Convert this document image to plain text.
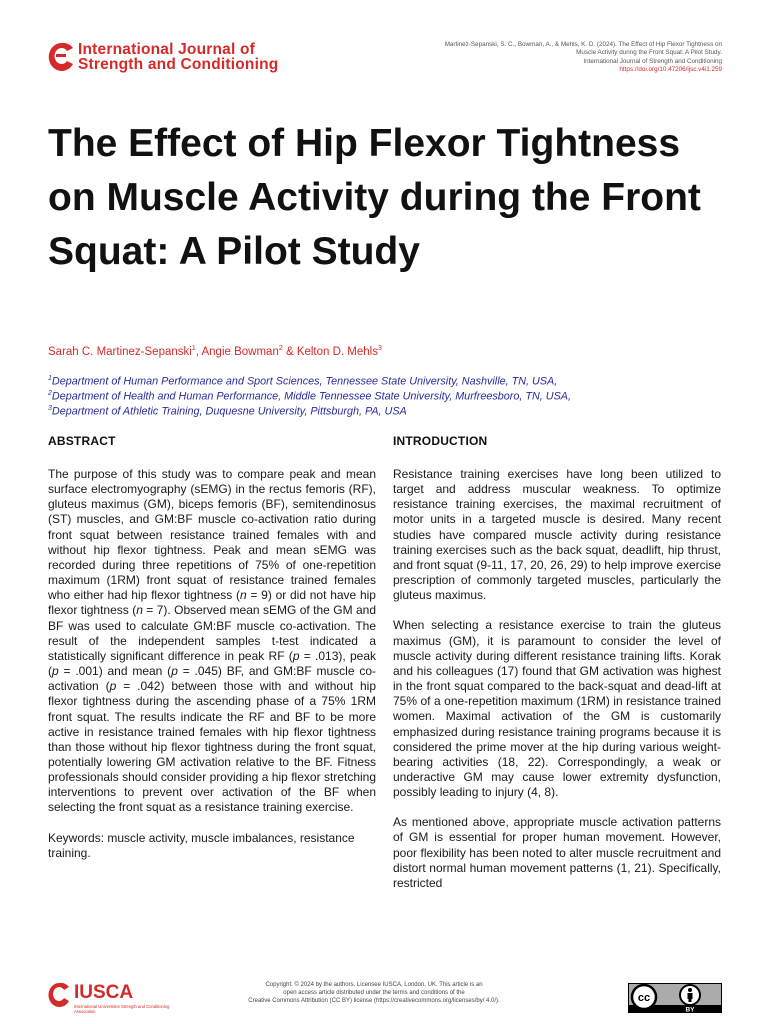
International Journal of
Strength and Conditioning
Martinez-Sepanski, S. C., Bowman, A., & Mehls, K. D. (2024). The Effect of Hip Flexor Tightness on
Muscle Activity during the Front Squat: A Pilot Study.
International Journal of Strength and Conditioning
https://doi.org/10.47206/ijsc.v4i1.259
The Effect of Hip Flexor Tightness on Muscle Activity during the Front Squat: A Pilot Study
Sarah C. Martinez-Sepanski$^1$, Angie Bowman$^2$ & Kelton D. Mehls$^3$
$^1$Department of Human Performance and Sport Sciences, Tennessee State University, Nashville, TN, USA,
$^2$Department of Health and Human Performance, Middle Tennessee State University, Murfreesboro, TN, USA,
$^3$Department of Athletic Training, Duquesne University, Pittsburgh, PA, USA
ABSTRACT

The purpose of this study was to compare peak and mean surface electromyography (sEMG) in the rectus femoris (RF), gluteus maximus (GM), biceps femoris (BF), semitendinosus (ST) muscles, and GM:BF muscle co-activation ratio during front squat between resistance trained females with and without hip flexor tightness. Peak and mean sEMG was recorded during three repetitions of 75% of one-repetition maximum (1RM) front squat of resistance trained females who either had hip flexor tightness (n = 9) or did not have hip flexor tightness (n = 7). Observed mean sEMG of the GM and BF was used to calculate GM:BF muscle co-activation. The result of the independent samples t-test indicated a statistically significant difference in peak RF (p = .013), peak (p = .001) and mean (p = .045) BF, and GM:BF muscle co-activation (p = .042) between those with and without hip flexor tightness during the ascending phase of a 75% 1RM front squat. The results indicate the RF and BF to be more active in resistance trained females with hip flexor tightness than those without hip flexor tightness during the front squat, potentially lowering GM activation relative to the BF. Fitness professionals should consider providing a hip flexor stretching interventions to prevent over activation of the BF when selecting the front squat as a resistance training exercise.

Keywords: muscle activity, muscle imbalances, resistance training.

INTRODUCTION

Resistance training exercises have long been utilized to target and address muscular weakness. To optimize resistance training exercises, the maximal recruitment of motor units in a targeted muscle is desired. Many recent studies have compared muscle activity during resistance training exercises such as the back squat, deadlift, hip thrust, and front squat (9-11, 17, 20, 26, 29) to help improve exercise prescription of commonly targeted muscles, particularly the gluteus maximus.

When selecting a resistance exercise to train the gluteus maximus (GM), it is paramount to consider the level of muscle activity during different resistance training lifts. Korak and his colleagues (17) found that GM activation was highest in the front squat compared to the back-squat and dead-lift at 75% of a one-repetition maximum (1RM) in resistance trained women. Maximal activation of the GM is customarily emphasized during resistance training programs because it is considered the prime mover at the hip during various weight-bearing activities (18, 22). Correspondingly, a weak or underactive GM may cause lower extremity dysfunction, possibly leading to injury (4, 8).

As mentioned above, appropriate muscle activation patterns of GM is essential for proper human movement. However, poor flexibility has been noted to alter muscle recruitment and distort normal human movement patterns (1, 21). Specifically, restricted

IUSCA
International Universities Strength and Conditioning Association
Copyright: © 2024 by the authors. Licensee IUSCA, London, UK. This article is an
open access article distributed under the terms and conditions of the
Creative Commons Attribution (CC BY) license (https://creativecommons.org/licenses/by/ 4.0/).	cc
BY
